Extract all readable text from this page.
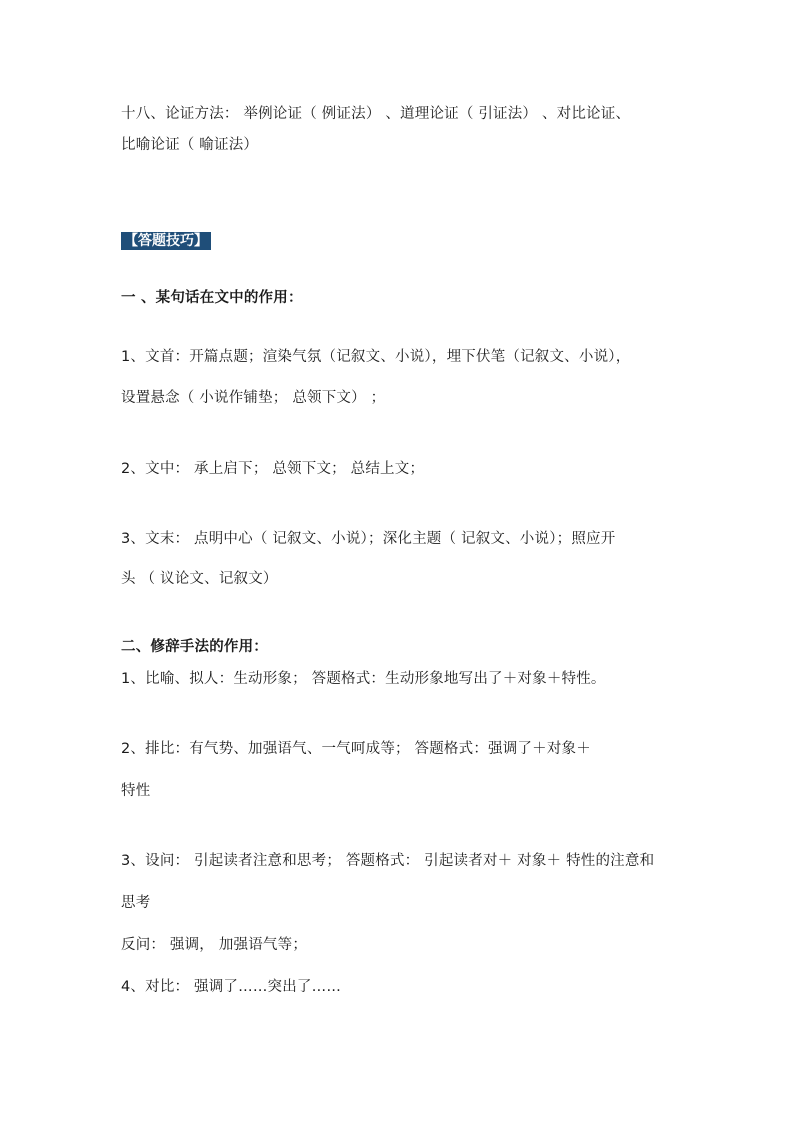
十八、论证方法： 举例论证（ 例证法） 、道理论证（ 引证法） 、对比论证、
比喻论证（ 喻证法）
【答题技巧】
一 、某句话在文中的作用：
1、文首：开篇点题；渲染气氛（记叙文、小说），埋下伏笔（记叙文、小说），
设置悬念（ 小说作铺垫； 总领下文） ；
2、文中： 承上启下； 总领下文； 总结上文；
3、文末： 点明中心（ 记叙文、小说）；深化主题（ 记叙文、小说）；照应开
头 （ 议论文、记叙文）
二、修辞手法的作用：
1、比喻、拟人：生动形象； 答题格式：生动形象地写出了＋对象＋特性。
2、排比：有气势、加强语气、一气呵成等； 答题格式：强调了＋对象＋
特性
3、设问： 引起读者注意和思考； 答题格式： 引起读者对＋ 对象＋ 特性的注意和
思考
反问： 强调， 加强语气等；
4、对比： 强调了……突出了……
